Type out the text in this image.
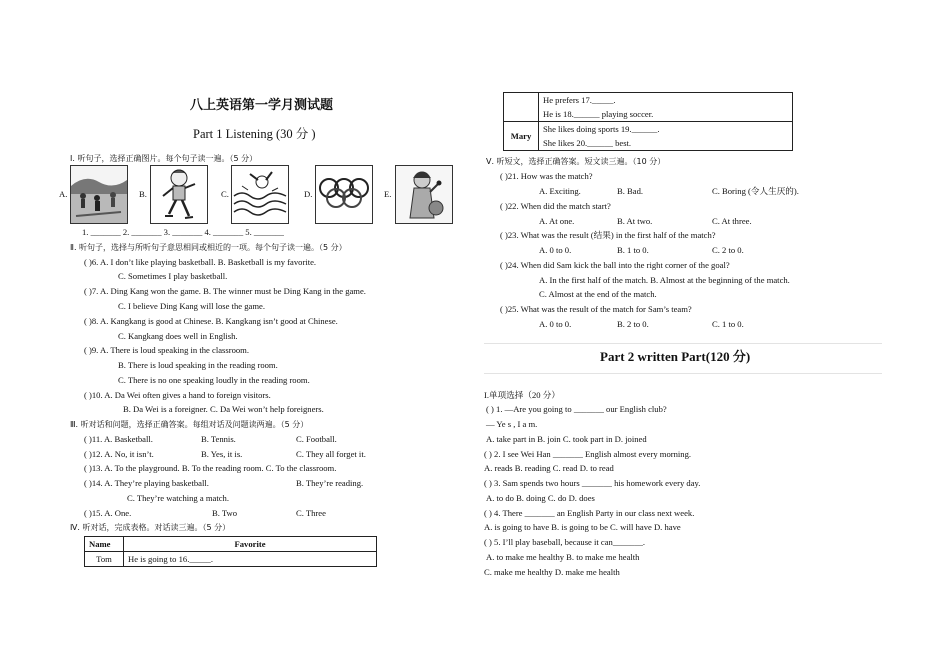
八上英语第一学月测试题
Part 1 Listening (30 分 )
Ⅰ. 听句子，选择正确图片。每个句子读一遍。（5 分）
A.	B.	C.	D.	E.
1. _______ 2. _______ 3. _______ 4. _______ 5. _______
Ⅱ. 听句子，选择与所听句子意思相同或相近的一项。每个句子读一遍。（5 分）
( )6. A. I don’t like playing basketball. B. Basketball is my favorite.
C. Sometimes I play basketball.
( )7. A. Ding Kang won the game. B. The winner must be Ding Kang in the game.
C. I believe Ding Kang will lose the game.
( )8. A. Kangkang is good at Chinese. B. Kangkang isn’t good at Chinese.
C. Kangkang does well in English.
( )9. A. There is loud speaking in the classroom.
B. There is loud speaking in the reading room.
C. There is no one speaking loudly in the reading room.
( )10. A. Da Wei often gives a hand to foreign visitors.
B. Da Wei is a foreigner. C. Da Wei won’t help foreigners.
Ⅲ. 听对话和问题，选择正确答案。每组对话及问题读两遍。（5 分）
( )11. A. Basketball.	B. Tennis.	C. Football.
( )12. A. No, it isn’t.	B. Yes, it is.	C. They all forget it.
( )13. A. To the playground. B. To the reading room. C. To the classroom.
( )14. A. They’re playing basketball.	B. They’re reading.
C. They’re watching a match.
( )15. A. One.	B. Two	C. Three
Ⅳ. 听对话，完成表格。对话读三遍。（5 分）
Name	Favorite
Tom	He is going to 16._____.

	He prefers 17._____.
He is 18.______ playing soccer.

Mary	She likes doing sports 19.______.
She likes 20.______ best.
Ⅴ. 听短文，选择正确答案。短文读三遍。（10 分）
( )21. How was the match?
A. Exciting.	B. Bad.	C. Boring (令人生厌的).
( )22. When did the match start?
A. At one.	B. At two.	C. At three.
( )23. What was the result (结果) in the first half of the match?
A. 0 to 0.	B. 1 to 0.	C. 2 to 0.
( )24. When did Sam kick the ball into the right corner of the goal?
A. In the first half of the match. B. Almost at the beginning of the match.
C. Almost at the end of the match.
( )25. What was the result of the match for Sam’s team?
A. 0 to 0.	B. 2 to 0.	C. 1 to 0.
Part 2 written Part(120 分)
I.单项选择（20 分）
( ) 1. —Are you going to _______ our English club?
— Ye s , I a m.
A. take part in B. join C. took part in D. joined
( ) 2. I see Wei Han _______ English almost every morning.
A. reads B. reading C. read D. to read
( ) 3. Sam spends two hours _______ his homework every day.
A. to do B. doing C. do D. does
( ) 4. There _______ an English Party in our class next week.
A. is going to have B. is going to be C. will have D. have
( ) 5. I’ll play baseball, because it can_______.
A. to make me healthy B. to make me health
C. make me healthy D. make me health
